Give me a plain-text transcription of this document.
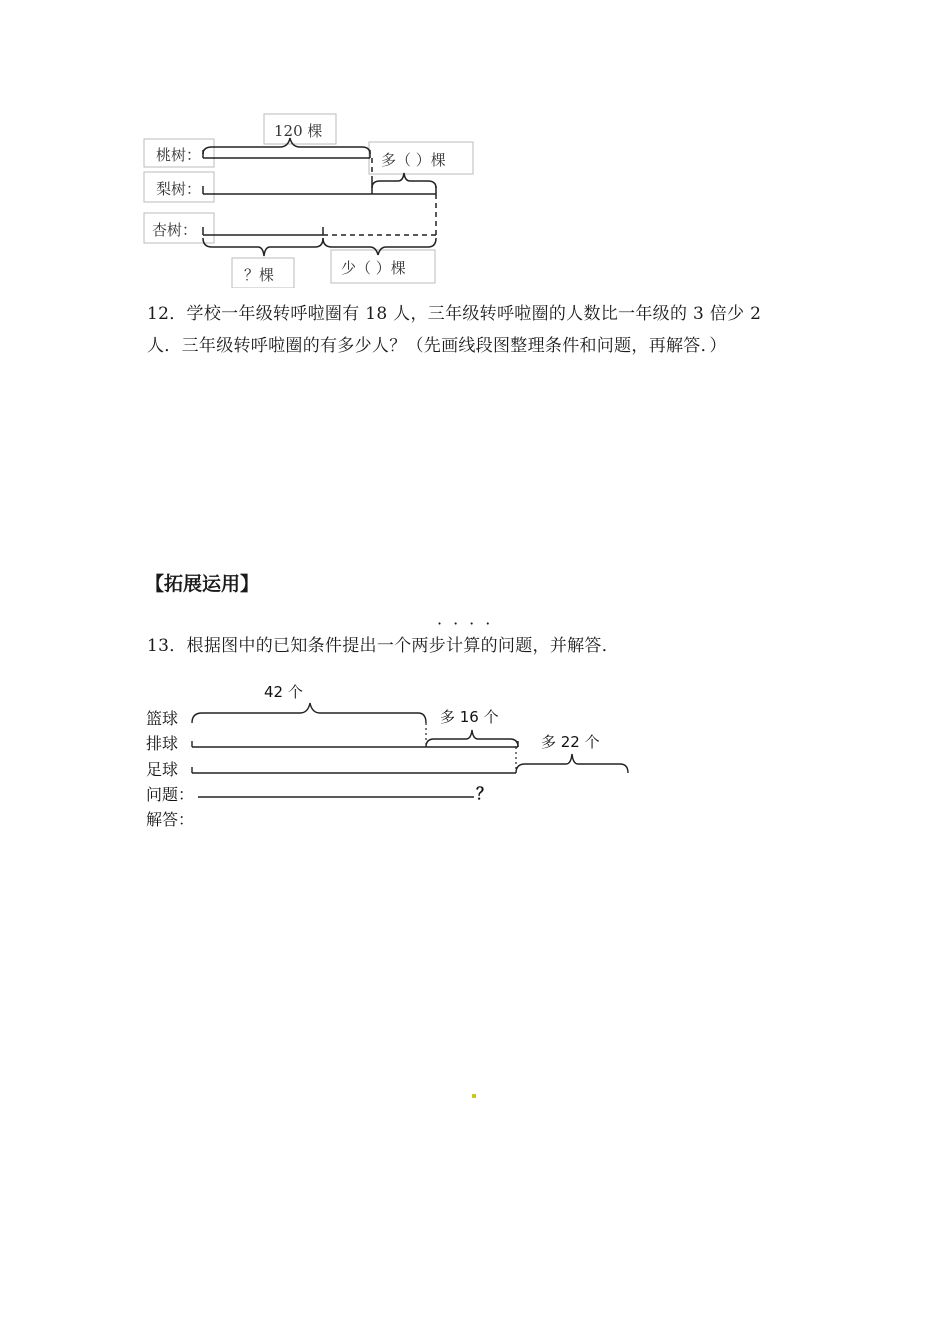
桃树：
梨树：
杏树：
120 棵
多（ ）棵
？棵	少（ ）棵
12．学校一年级转呼啦圈有 18 人，三年级转呼啦圈的人数比一年级的 3 倍少 2
人．三年级转呼啦圈的有多少人？（先画线段图整理条件和问题，再解答．）
【拓展运用】
····
13．根据图中的已知条件提出一个两步计算的问题，并解答．
篮球
排球
足球
42 个
多 16 个
多 22 个
问题：	？
解答：
